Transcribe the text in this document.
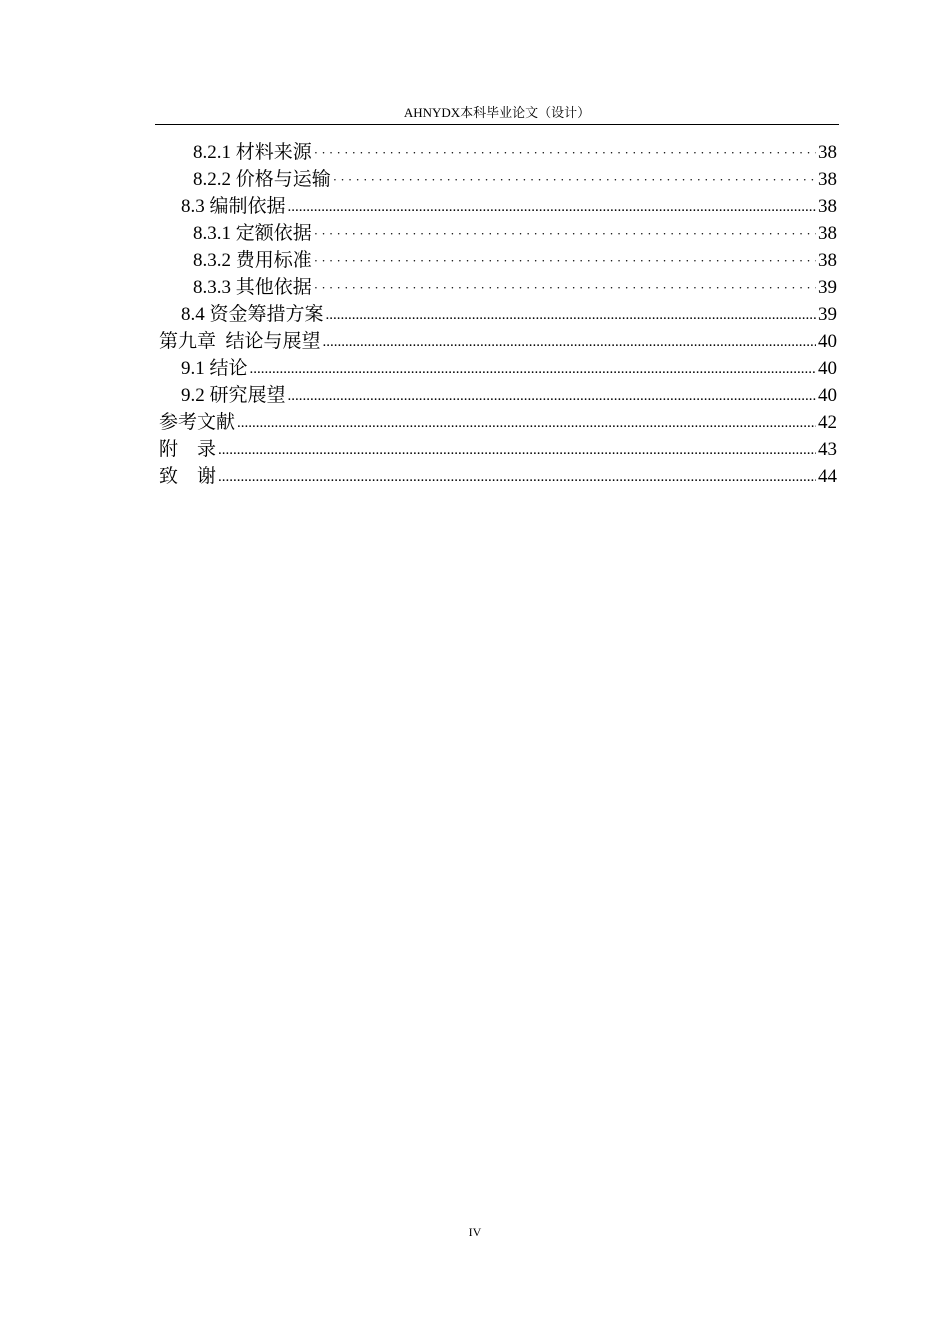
AHNYDX本科毕业论文（设计）
8.2.1 材料来源 · · ·	38
8.2.2 价格与运输 · · ·	38
8.3 编制依据 .....	38
8.3.1 定额依据 · · ·	38
8.3.2 费用标准 · · ·	38
8.3.3 其他依据 · · ·	39
8.4 资金筹措方案 .....	39
第九章  结论与展望 .....	40
9.1 结论 .....	40
9.2 研究展望 .....	40
参考文献 .....	42
附    录 .....	43
致    谢 .....	44
IV
